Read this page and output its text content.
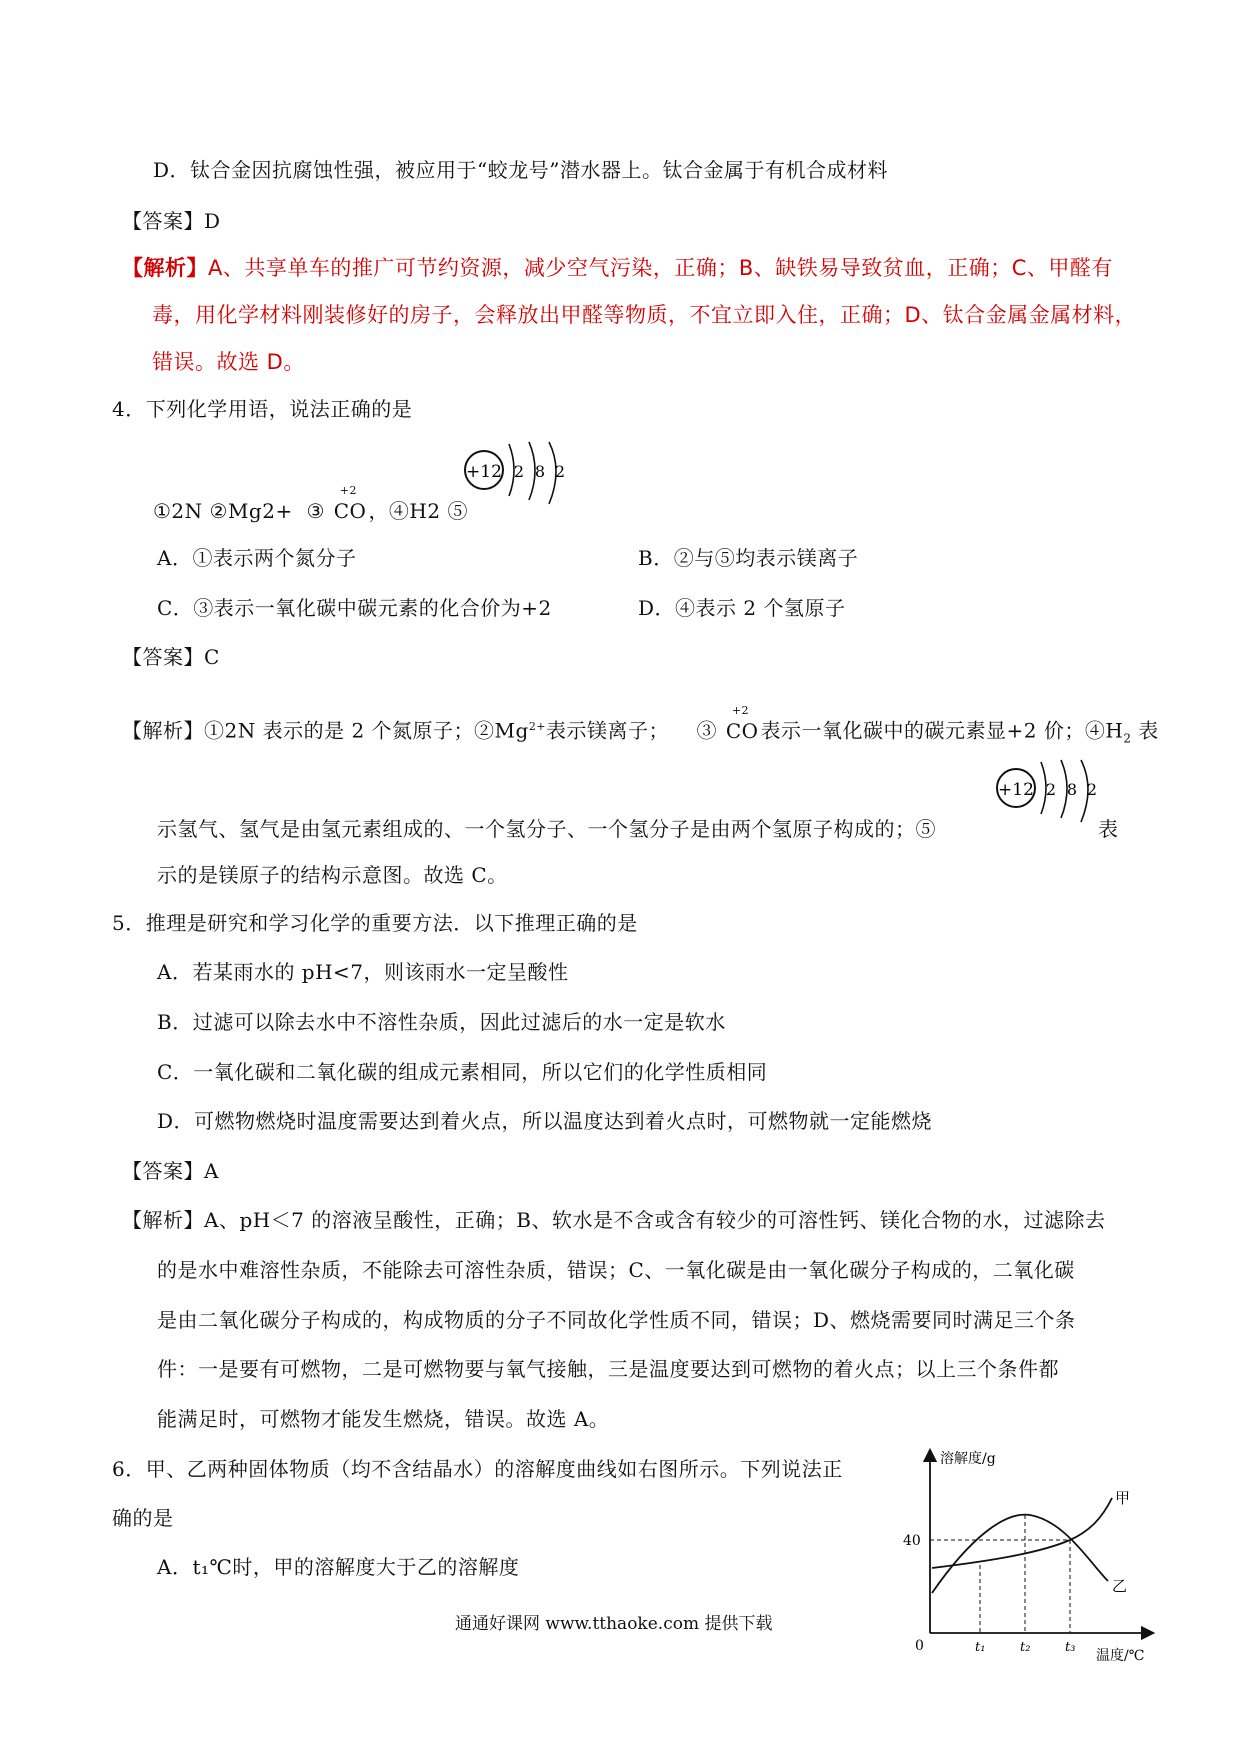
D．钛合金因抗腐蚀性强，被应用于“蛟龙号”潜水器上。钛合金属于有机合成材料
【答案】D
【解析】A、共享单车的推广可节约资源，减少空气污染，正确；B、缺铁易导致贫血，正确；C、甲醛有
毒，用化学材料刚装修好的房子，会释放出甲醛等物质，不宜立即入住，正确；D、钛合金属金属材料，
错误。故选 D。
4．下列化学用语，说法正确的是
①2N ②Mg2+ ③
+2
CO ，④H2 ⑤
+12 2 8 2
A．①表示两个氮分子	B．②与⑤均表示镁离子
C．③表示一氧化碳中碳元素的化合价为+2	D．④表示 2 个氢原子
【答案】C
【解析】①2N 表示的是 2 个氮原子；$②Mg^{2+}$表示镁离子； ③
+2
CO 表示一氧化碳中的碳元素显+2 价；$④H_2$ 表
示氢气、氢气是由氢元素组成的、一个氢分子、一个氢分子是由两个氢原子构成的；⑤
+12 2 8 2
表
示的是镁原子的结构示意图。故选 C。
5．推理是研究和学习化学的重要方法．以下推理正确的是
A．若某雨水的 pH<7，则该雨水一定呈酸性
B．过滤可以除去水中不溶性杂质，因此过滤后的水一定是软水
C．一氧化碳和二氧化碳的组成元素相同，所以它们的化学性质相同
D．可燃物燃烧时温度需要达到着火点，所以温度达到着火点时，可燃物就一定能燃烧
【答案】A
【解析】A、pH＜7 的溶液呈酸性，正确；B、软水是不含或含有较少的可溶性钙、镁化合物的水，过滤除去
的是水中难溶性杂质，不能除去可溶性杂质，错误；C、一氧化碳是由一氧化碳分子构成的，二氧化碳
是由二氧化碳分子构成的，构成物质的分子不同故化学性质不同，错误；D、燃烧需要同时满足三个条
件：一是要有可燃物，二是可燃物要与氧气接触，三是温度要达到可燃物的着火点；以上三个条件都
能满足时，可燃物才能发生燃烧，错误。故选 A。
6．甲、乙两种固体物质（均不含结晶水）的溶解度曲线如右图所示。下列说法正
确的是
A．t₁℃时，甲的溶解度大于乙的溶解度
溶解度/g
温度/℃
0
40
t₁	t₂	t₃
甲
乙
通通好课网 www.tthaoke.com 提供下载
